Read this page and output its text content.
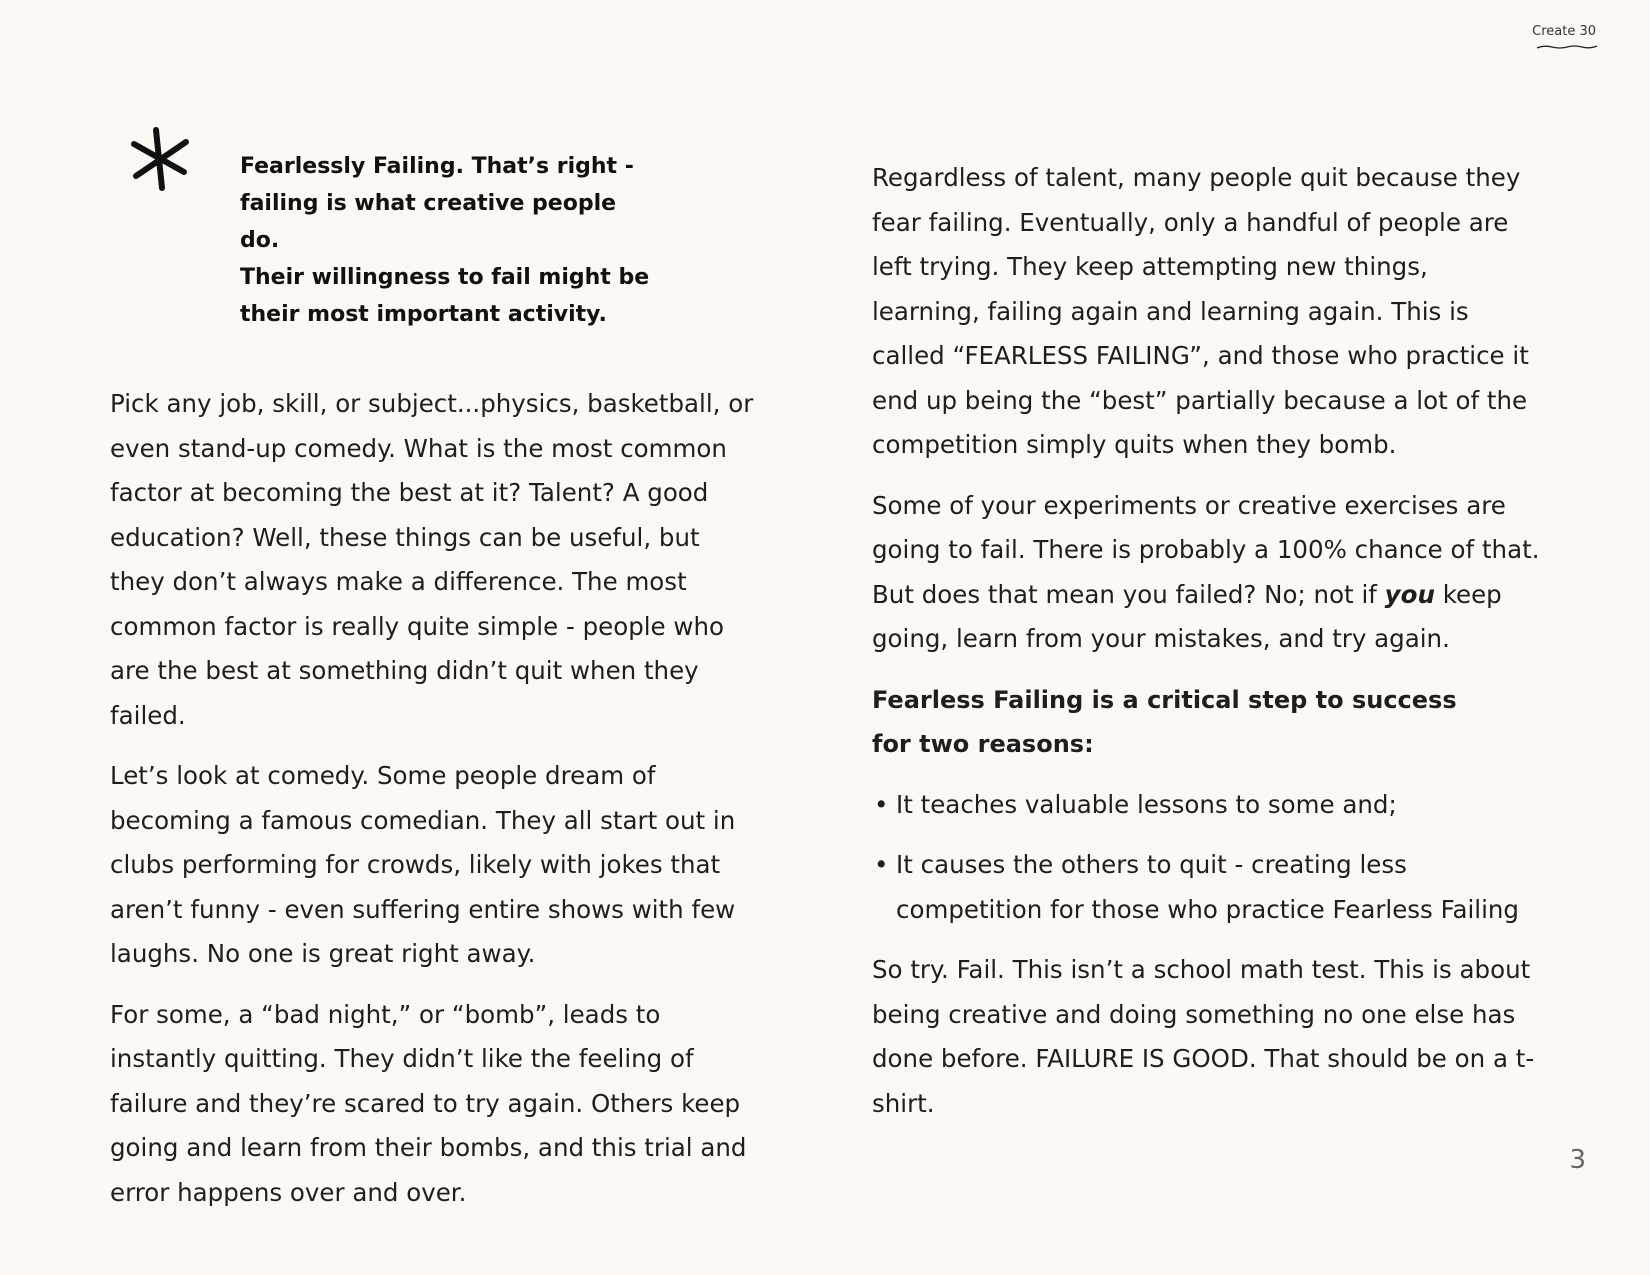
Create 30
Fearlessly Failing. That’s right -
failing is what creative people do.
Their willingness to fail might be
their most important activity.

Pick any job, skill, or subject...physics, basketball, or even stand-up comedy. What is the most common factor at becoming the best at it? Talent? A good education? Well, these things can be useful, but they don’t always make a difference. The most common factor is really quite simple - people who are the best at something didn’t quit when they failed.

Let’s look at comedy. Some people dream of becoming a famous comedian. They all start out in clubs performing for crowds, likely with jokes that aren’t funny - even suffering entire shows with few laughs. No one is great right away.

For some, a “bad night,” or “bomb”, leads to instantly quitting. They didn’t like the feeling of failure and they’re scared to try again. Others keep going and learn from their bombs, and this trial and error happens over and over.

Regardless of talent, many people quit because they fear failing. Eventually, only a handful of people are left trying. They keep attempting new things, learning, failing again and learning again. This is called “FEARLESS FAILING”, and those who practice it end up being the “best” partially because a lot of the competition simply quits when they bomb.

Some of your experiments or creative exercises are going to fail. There is probably a 100% chance of that. But does that mean you failed? No; not if you keep going, learn from your mistakes, and try again.

Fearless Failing is a critical step to success
for two reasons:
• It teaches valuable lessons to some and;
• It causes the others to quit - creating less competition for those who practice Fearless Failing

So try. Fail. This isn’t a school math test. This is about being creative and doing something no one else has done before. FAILURE IS GOOD. That should be on a t-shirt.

3
